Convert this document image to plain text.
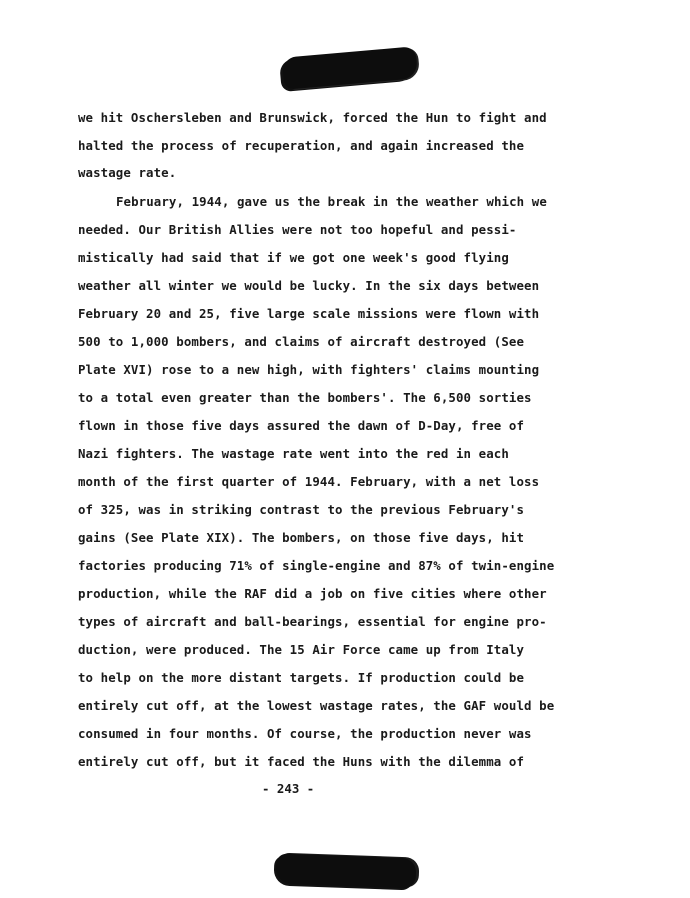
we hit Oschersleben and Brunswick, forced the Hun to fight and
halted the process of recuperation, and again increased the
wastage rate.
February, 1944, gave us the break in the weather which we
needed. Our British Allies were not too hopeful and pessi-
mistically had said that if we got one week's good flying
weather all winter we would be lucky. In the six days between
February 20 and 25, five large scale missions were flown with
500 to 1,000 bombers, and claims of aircraft destroyed (See
Plate XVI) rose to a new high, with fighters' claims mounting
to a total even greater than the bombers'. The 6,500 sorties
flown in those five days assured the dawn of D-Day, free of
Nazi fighters. The wastage rate went into the red in each
month of the first quarter of 1944. February, with a net loss
of 325, was in striking contrast to the previous February's
gains (See Plate XIX). The bombers, on those five days, hit
factories producing 71% of single-engine and 87% of twin-engine
production, while the RAF did a job on five cities where other
types of aircraft and ball-bearings, essential for engine pro-
duction, were produced. The 15 Air Force came up from Italy
to help on the more distant targets. If production could be
entirely cut off, at the lowest wastage rates, the GAF would be
consumed in four months. Of course, the production never was
entirely cut off, but it faced the Huns with the dilemma of
- 243 -
